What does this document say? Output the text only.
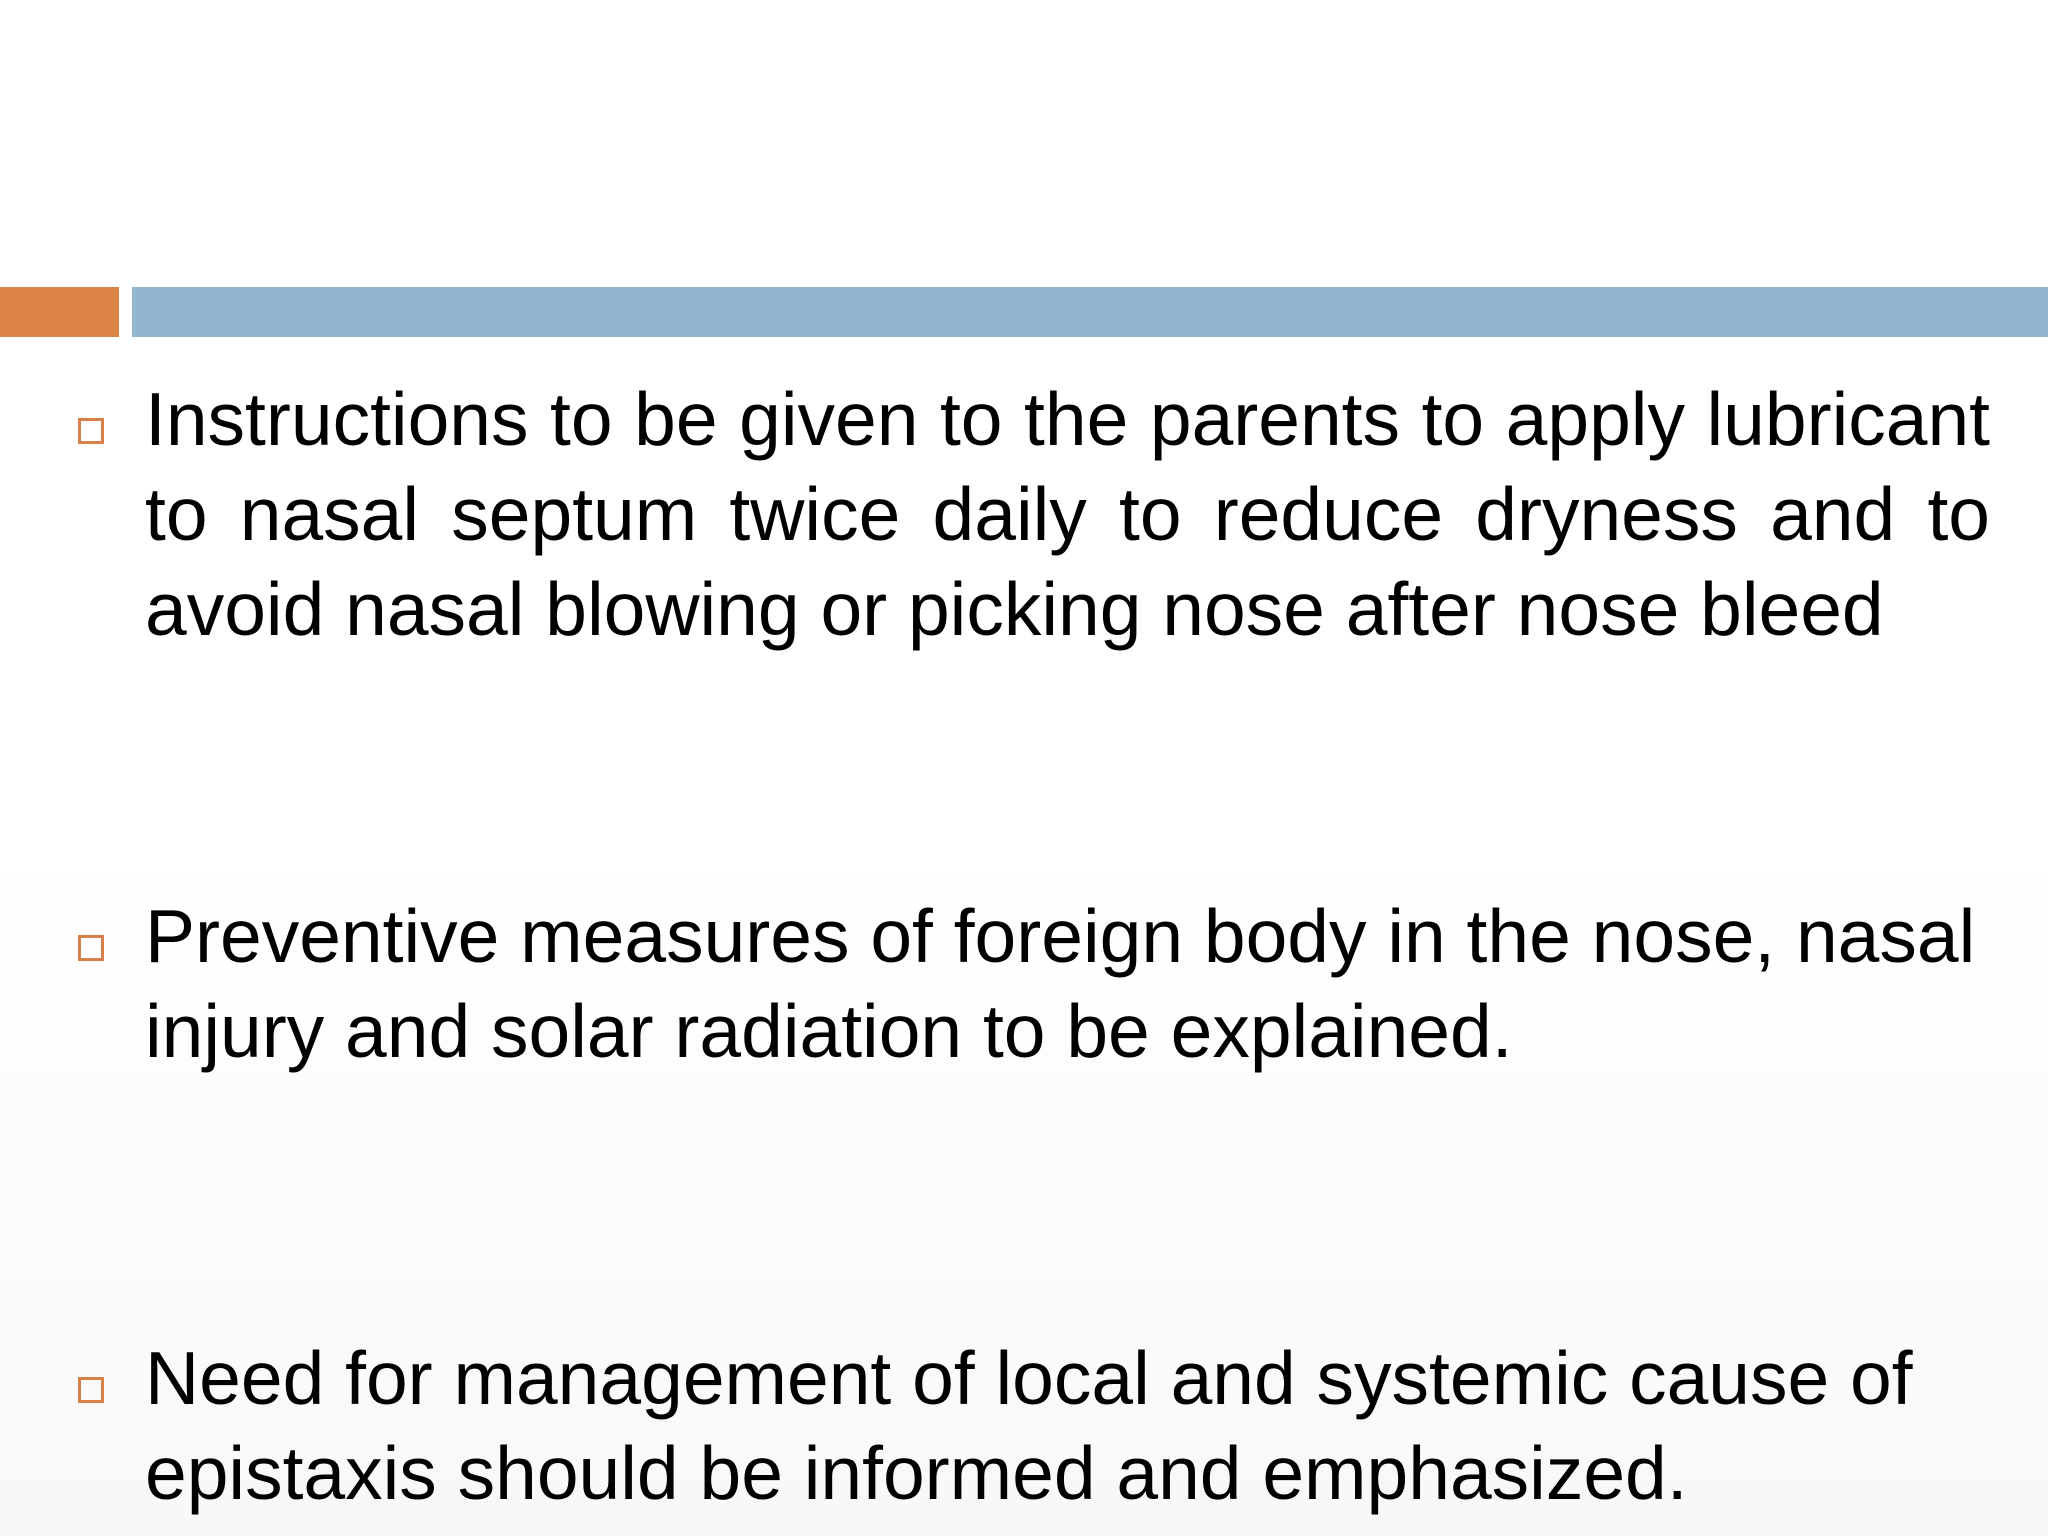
Instructions to be given to the parents to apply lubricant to nasal septum twice daily to reduce dryness and to avoid nasal blowing or picking nose after nose bleed

Preventive measures of foreign body in the nose, nasal injury and solar radiation to be explained.

Need for management of local and systemic cause of epistaxis should be informed and emphasized.
